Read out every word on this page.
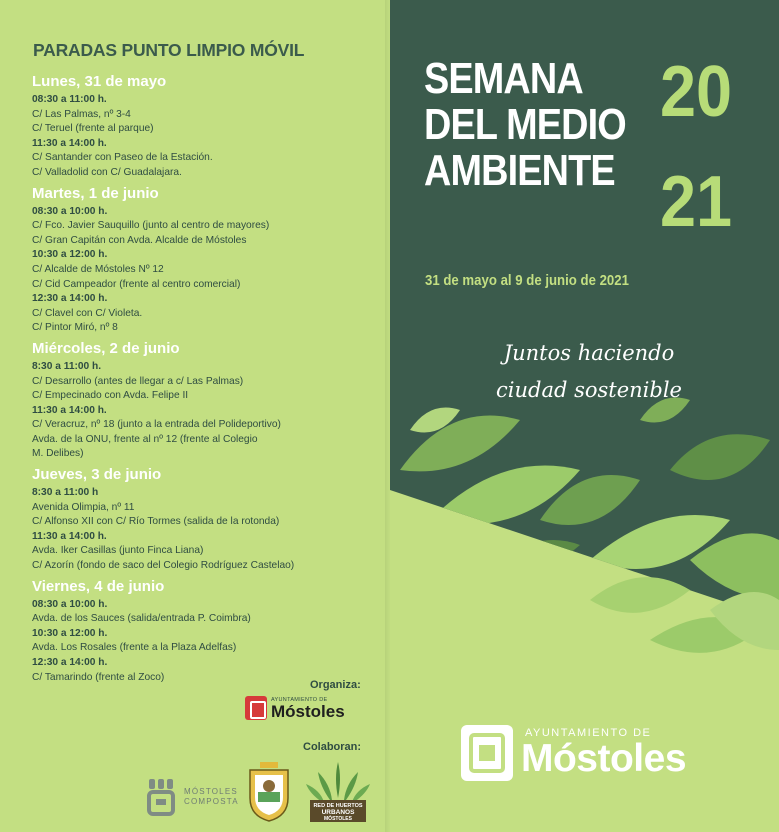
PARADAS PUNTO LIMPIO MÓVIL
Lunes, 31 de mayo
08:30 a 11:00 h.
C/ Las Palmas, nº 3-4
C/ Teruel (frente al parque)
11:30 a 14:00 h.
C/ Santander con Paseo de la Estación.
C/ Valladolid con C/ Guadalajara.
Martes, 1 de junio
08:30 a 10:00 h.
C/ Fco. Javier Sauquillo (junto al centro de mayores)
C/ Gran Capitán con Avda. Alcalde de Móstoles
10:30 a 12:00 h.
C/ Alcalde de Móstoles Nº 12
C/ Cid Campeador (frente al centro comercial)
12:30 a 14:00 h.
C/ Clavel con C/ Violeta.
C/ Pintor Miró, nº 8
Miércoles, 2 de junio
8:30 a 11:00 h.
C/ Desarrollo (antes de llegar a c/ Las Palmas)
C/ Empecinado con Avda. Felipe II
11:30 a 14:00 h.
C/ Veracruz, nº 18 (junto a la entrada del Polideportivo)
Avda. de la ONU, frente al nº 12 (frente al Colegio
M. Delibes)
Jueves, 3 de junio
8:30 a 11:00 h
Avenida Olimpia, nº 11
C/ Alfonso XII con C/ Río Tormes (salida de la rotonda)
11:30 a 14:00 h.
Avda. Iker Casillas (junto Finca Liana)
C/ Azorín (fondo de saco del Colegio Rodríguez Castelao)
Viernes, 4 de junio
08:30 a 10:00 h.
Avda. de los Sauces (salida/entrada P. Coimbra)
10:30 a 12:00 h.
Avda. Los Rosales (frente a la Plaza Adelfas)
12:30 a 14:00 h.
C/ Tamarindo (frente al Zoco)
Organiza:
AYUNTAMIENTO DE
Móstoles
Colaboran:
MÓSTOLES
COMPOSTA	RED DE HUERTOS
URBANOS
MÓSTOLES
SEMANA
DEL MEDIO
AMBIENTE
20
21
31 de mayo al 9 de junio de 2021
Juntos haciendo
ciudad sostenible
AYUNTAMIENTO DE
Móstoles
